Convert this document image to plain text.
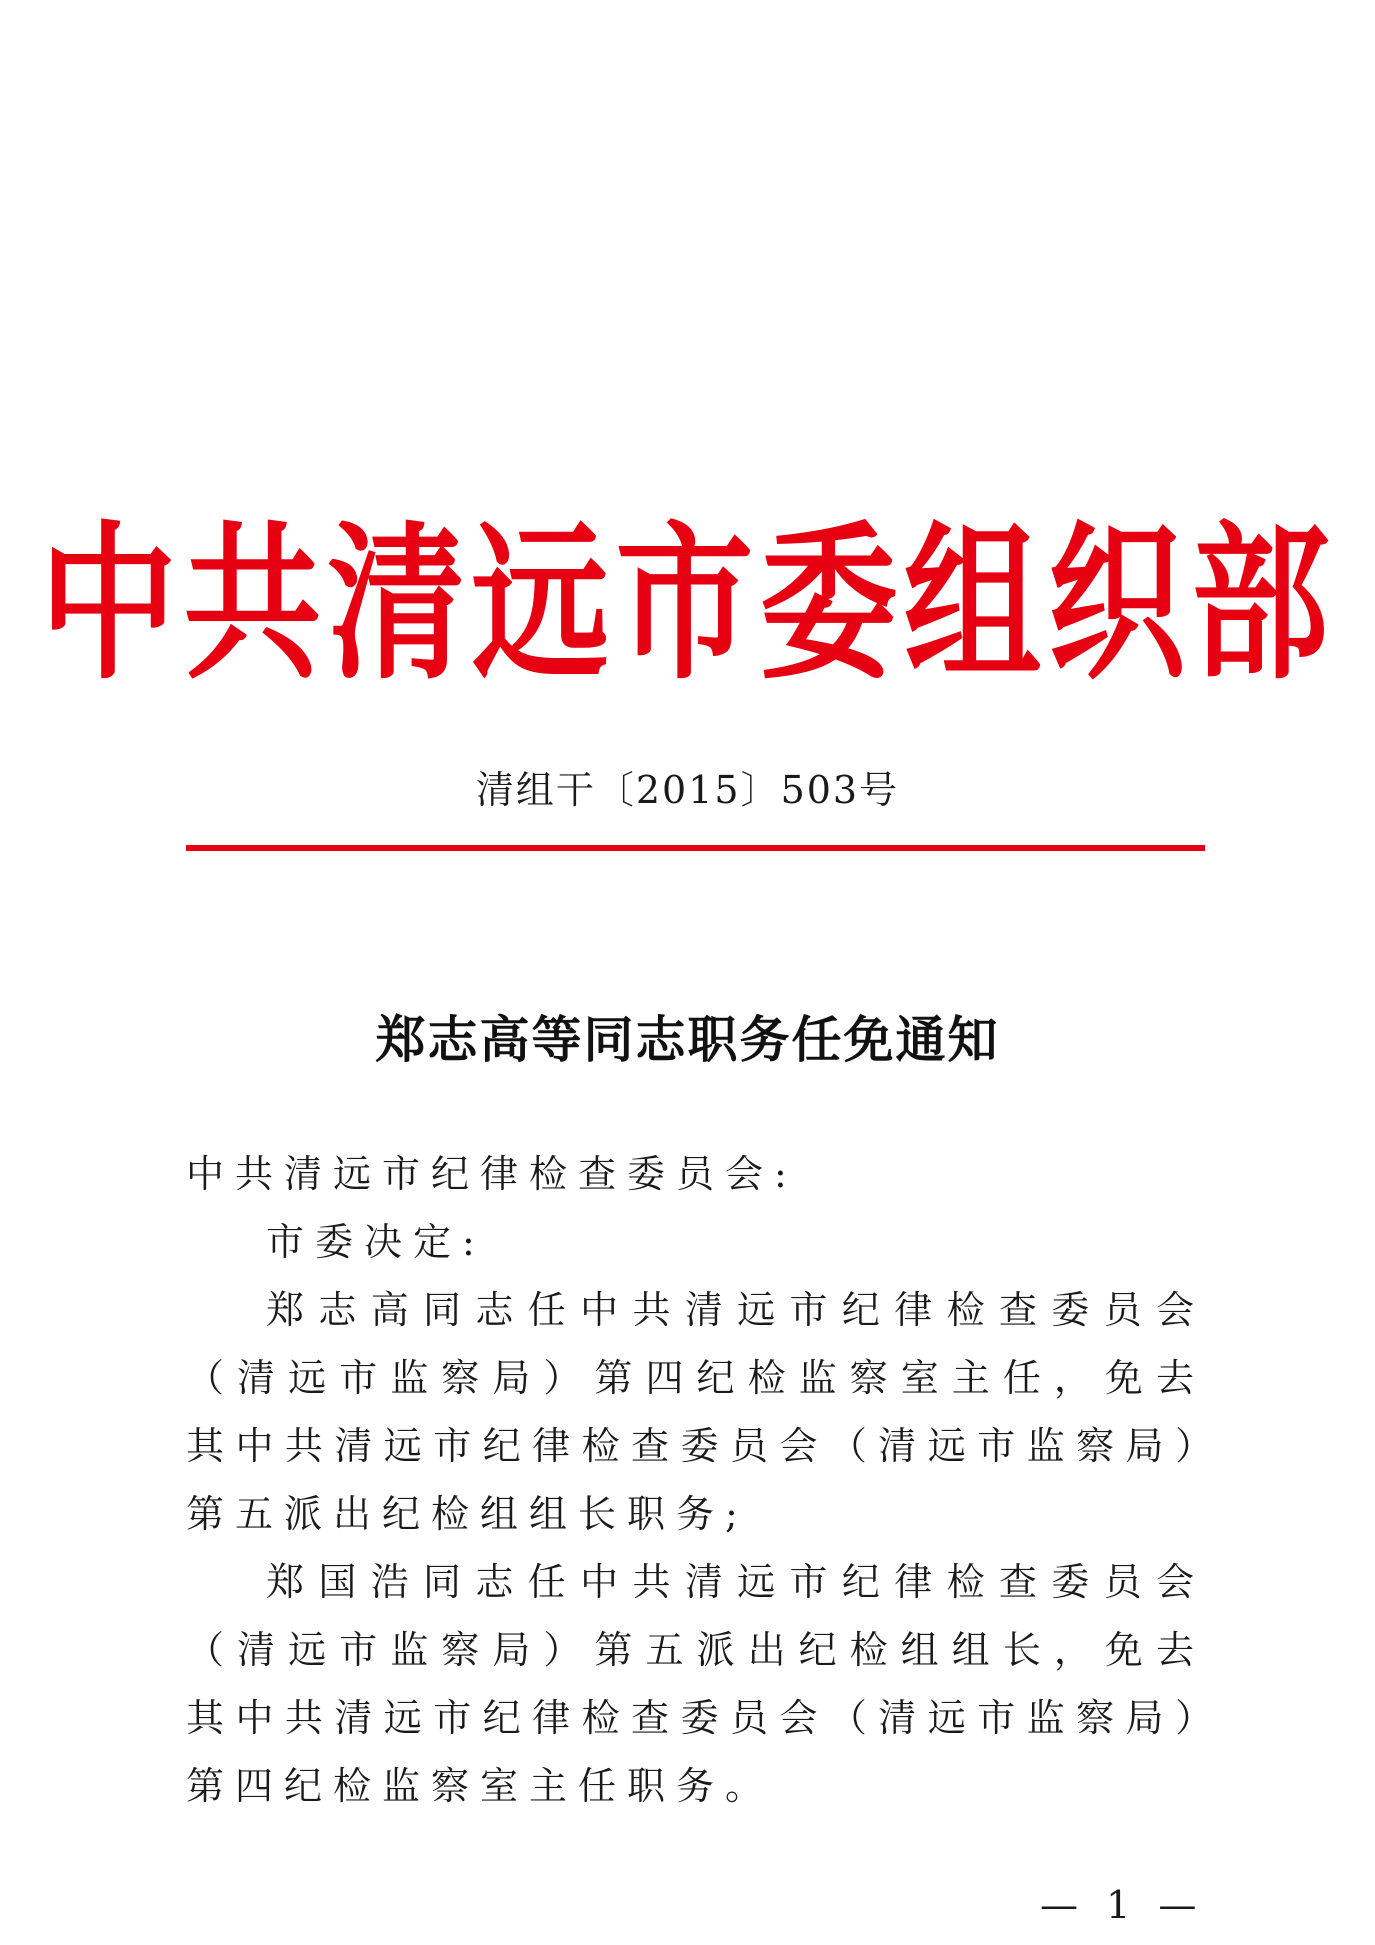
中共清远市委组织部
清组干〔2015〕503号
郑志高等同志职务任免通知

中共清远市纪律检查委员会:

市委决定:

郑志高同志任中共清远市纪律检查委员会（清远市监察局）第四纪检监察室主任，免去其中共清远市纪律检查委员会（清远市监察局）第五派出纪检组组长职务;

郑国浩同志任中共清远市纪律检查委员会（清远市监察局）第五派出纪检组组长，免去其中共清远市纪律检查委员会（清远市监察局）第四纪检监察室主任职务。

— 1 —
